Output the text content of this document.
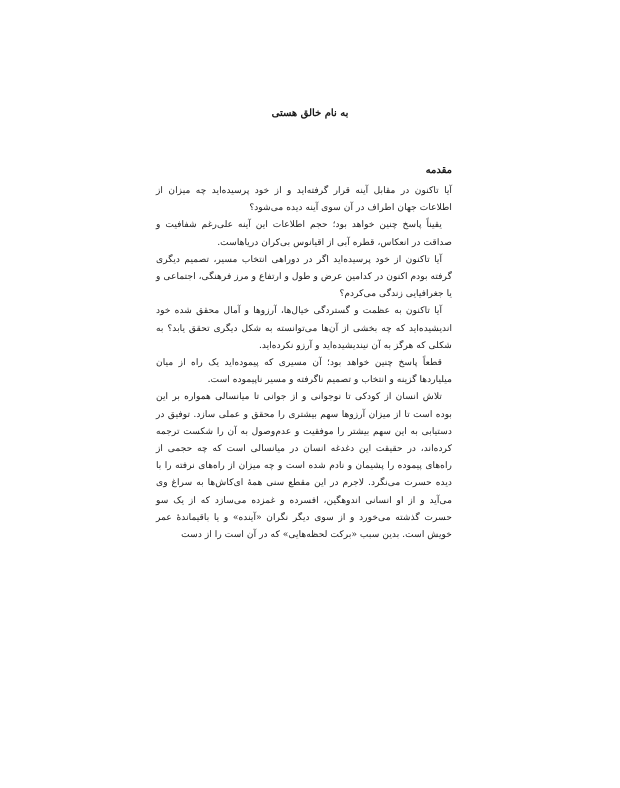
به نام خالق هستی
مقدمه

آیا تاکنون در مقابل آینه قرار گرفته‌اید و از خود پرسیده‌اید چه میزان از اطلاعات جهان اطراف در آن سوی آینه دیده می‌شود؟

یقیناً پاسخ چنین خواهد بود؛ حجم اطلاعات این آینه علی‌رغم شفافیت و صداقت در انعکاس، قطره آبی از اقیانوس بی‌کران دریاهاست.

آیا تاکنون از خود پرسیده‌اید اگر در دوراهی انتخاب مسیر، تصمیم دیگری گرفته بودم اکنون در کدامین عرض و طول و ارتفاع و مرز فرهنگی، اجتماعی و یا جغرافیایی زندگی می‌کردم؟

آیا تاکنون به عظمت و گستردگی خیال‌ها، آرزوها و آمال محقق شده خود اندیشیده‌اید که چه بخشی از آن‌ها می‌توانسته به شکل دیگری تحقق یابد؟ به شکلی که هرگز به آن نیندیشیده‌اید و آرزو نکرده‌اید.

قطعاً پاسخ چنین خواهد بود؛ آن مسیری که پیموده‌اید یک راه از میان میلیاردها گزینه و انتخاب و تصمیم ناگرفته و مسیر ناپیموده است.

تلاش انسان از کودکی تا نوجوانی و از جوانی تا میانسالی همواره بر این بوده است تا از میزان آرزوها سهم بیشتری را محقق و عملی سازد. توفیق در دستیابی به این سهم بیشتر را موفقیت و عدم‌وصول به آن را شکست ترجمه کرده‌اند، در حقیقت این دغدغه انسان در میانسالی است که چه حجمی از راه‌های پیموده را پشیمان و نادم شده است و چه میزان از راه‌های نرفته را با دیده حسرت می‌نگرد. لاجرم در این مقطع سنی همهٔ ای‌کاش‌ها به سراغ وی می‌آید و از او انسانی اندوهگین، افسرده و غمزده می‌سازد که از یک سو حسرت گذشته می‌خورد و از سوی دیگر نگران «آینده» و یا باقیماندهٔ عمر خویش است. بدین سبب «برکت لحظه‌هایی» که در آن است را از دست
